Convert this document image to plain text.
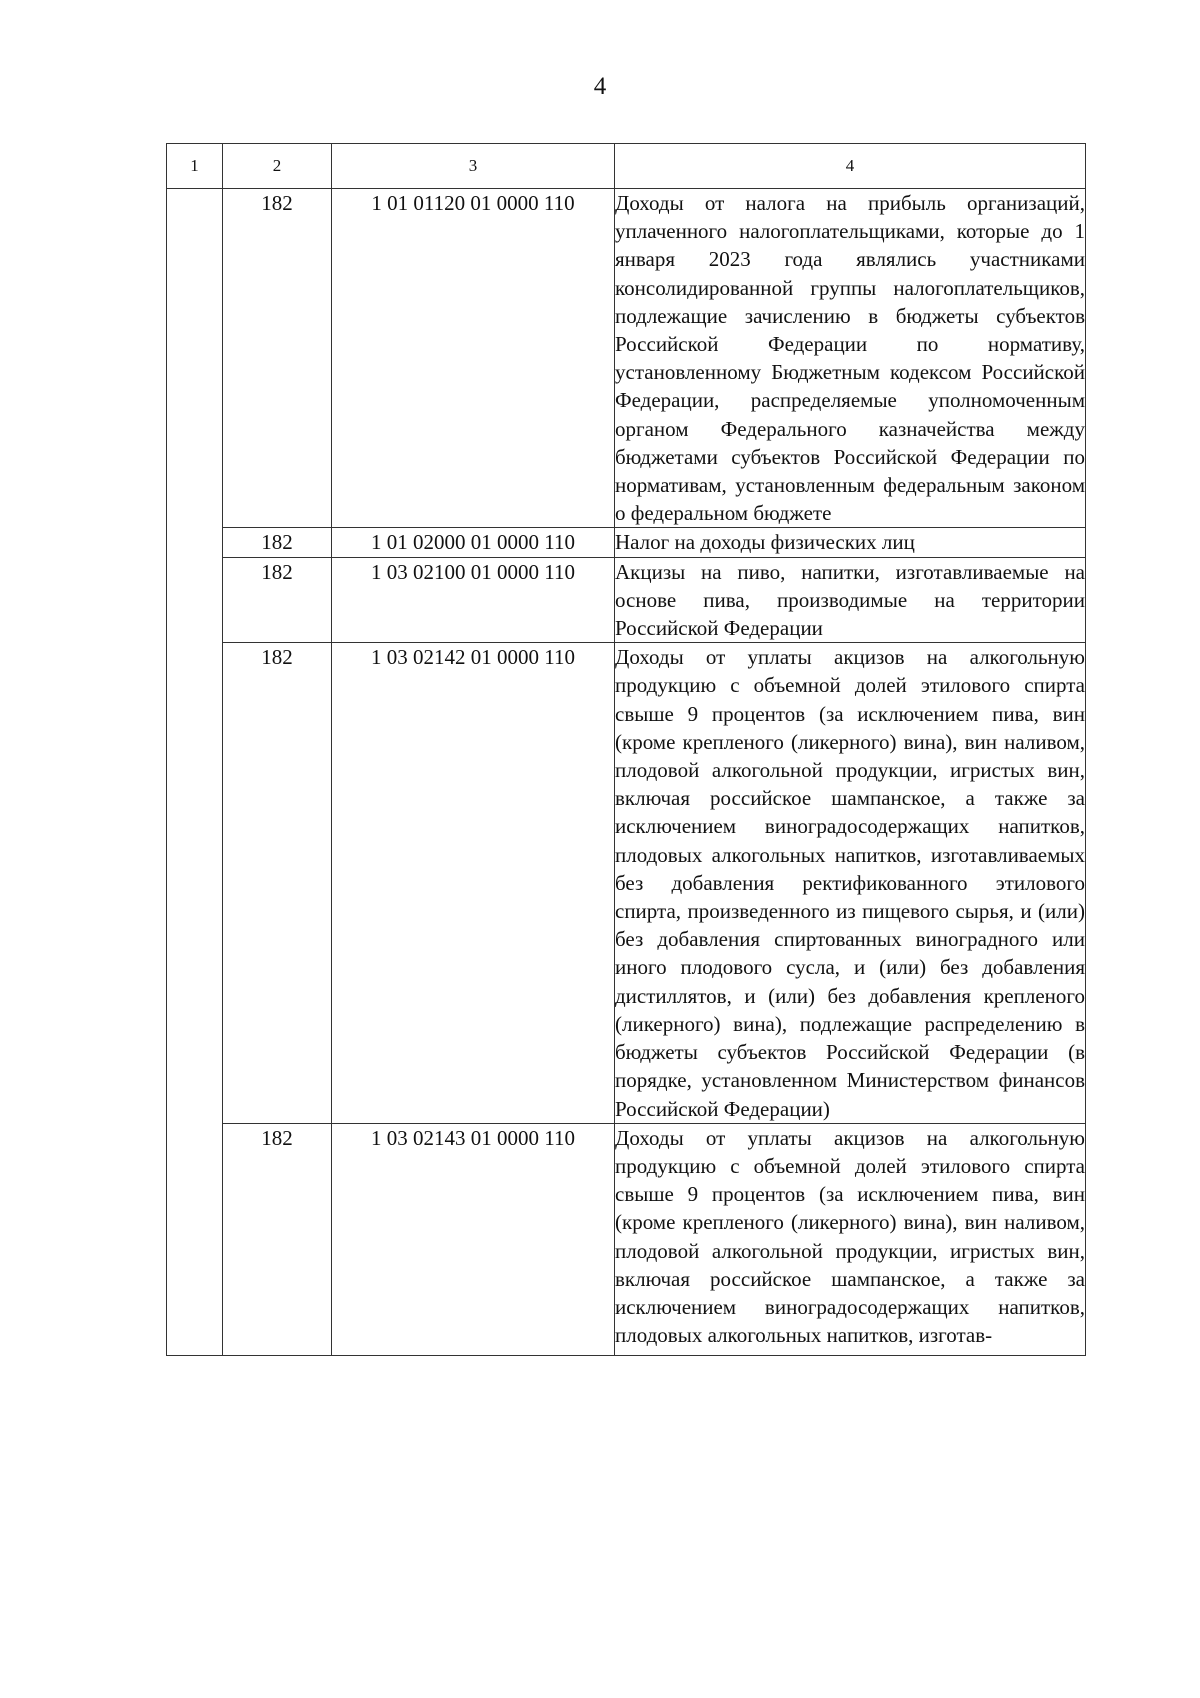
4
1	2	3	4
	182	1 01 01120 01 0000 110	Доходы от налога на прибыль организаций, уплаченного налогоплательщиками, которые до 1 января 2023 года являлись участниками консолидированной группы налогоплательщиков, подлежащие зачислению в бюджеты субъектов Российской Федерации по нормативу, установленному Бюджетным кодексом Российской Федерации, распределяемые уполномоченным органом Федерального казначейства между бюджетами субъектов Российской Федерации по нормативам, установленным федеральным законом о федеральном бюджете
	182	1 01 02000 01 0000 110	Налог на доходы физических лиц
	182	1 03 02100 01 0000 110	Акцизы на пиво, напитки, изготавливаемые на основе пива, производимые на территории Российской Федерации
	182	1 03 02142 01 0000 110	Доходы от уплаты акцизов на алкогольную продукцию с объемной долей этилового спирта свыше 9 процентов (за исключением пива, вин (кроме крепленого (ликерного) вина), вин наливом, плодовой алкогольной продукции, игристых вин, включая российское шампанское, а также за исключением виноградосодержащих напитков, плодовых алкогольных напитков, изготавливаемых без добавления ректификованного этилового спирта, произведенного из пищевого сырья, и (или) без добавления спиртованных виноградного или иного плодового сусла, и (или) без добавления дистиллятов, и (или) без добавления крепленого (ликерного) вина), подлежащие распределению в бюджеты субъектов Российской Федерации (в порядке, установленном Министерством финансов Российской Федерации)
	182	1 03 02143 01 0000 110	Доходы от уплаты акцизов на алкогольную продукцию с объемной долей этилового спирта свыше 9 процентов (за исключением пива, вин (кроме крепленого (ликерного) вина), вин наливом, плодовой алкогольной продукции, игристых вин, включая российское шампанское, а также за исключением виноградосодержащих напитков, плодовых алкогольных напитков, изготав-
